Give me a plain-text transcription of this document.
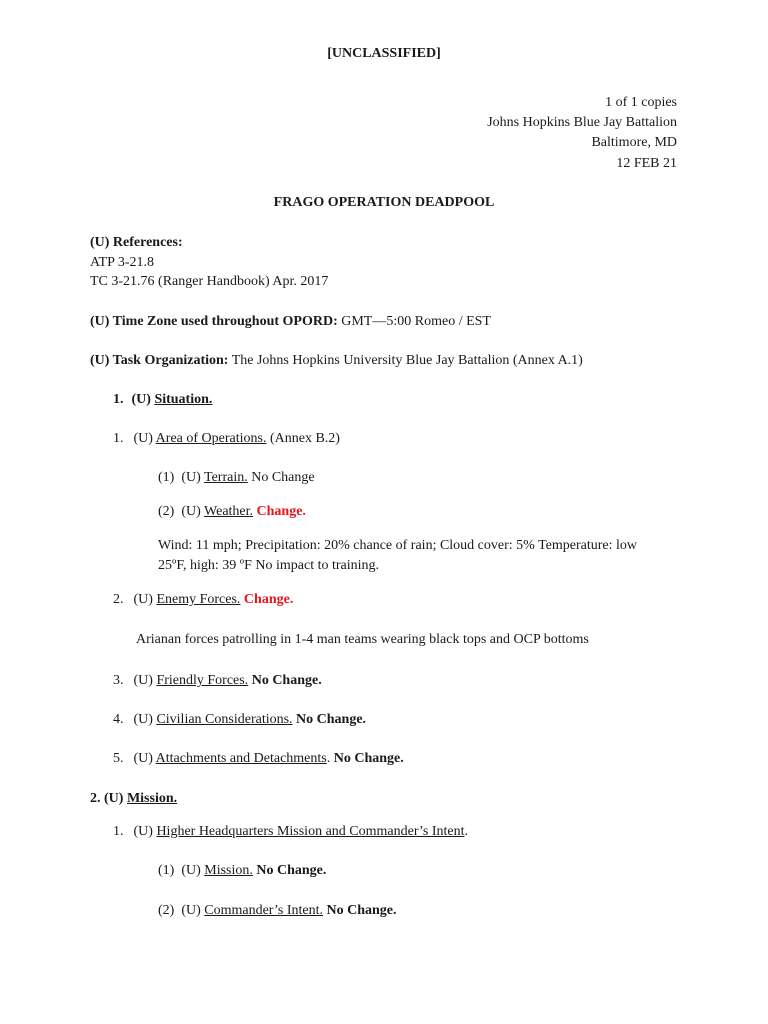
[UNCLASSIFIED]
1 of 1 copies
Johns Hopkins Blue Jay Battalion
Baltimore, MD
12 FEB 21
FRAGO OPERATION DEADPOOL
(U) References:
ATP 3-21.8
TC 3-21.76 (Ranger Handbook) Apr. 2017
(U) Time Zone used throughout OPORD: GMT—5:00 Romeo / EST
(U) Task Organization: The Johns Hopkins University Blue Jay Battalion (Annex A.1)
1. (U) Situation.
1. (U) Area of Operations. (Annex B.2)
(1) (U) Terrain. No Change
(2) (U) Weather. Change.
Wind: 11 mph; Precipitation: 20% chance of rain; Cloud cover: 5% Temperature: low
25ºF, high: 39 ºF No impact to training.
2. (U) Enemy Forces. Change.
Arianan forces patrolling in 1-4 man teams wearing black tops and OCP bottoms
3. (U) Friendly Forces. No Change.
4. (U) Civilian Considerations. No Change.
5. (U) Attachments and Detachments. No Change.
2. (U) Mission.
1. (U) Higher Headquarters Mission and Commander’s Intent.
(1) (U) Mission. No Change.
(2) (U) Commander’s Intent. No Change.
